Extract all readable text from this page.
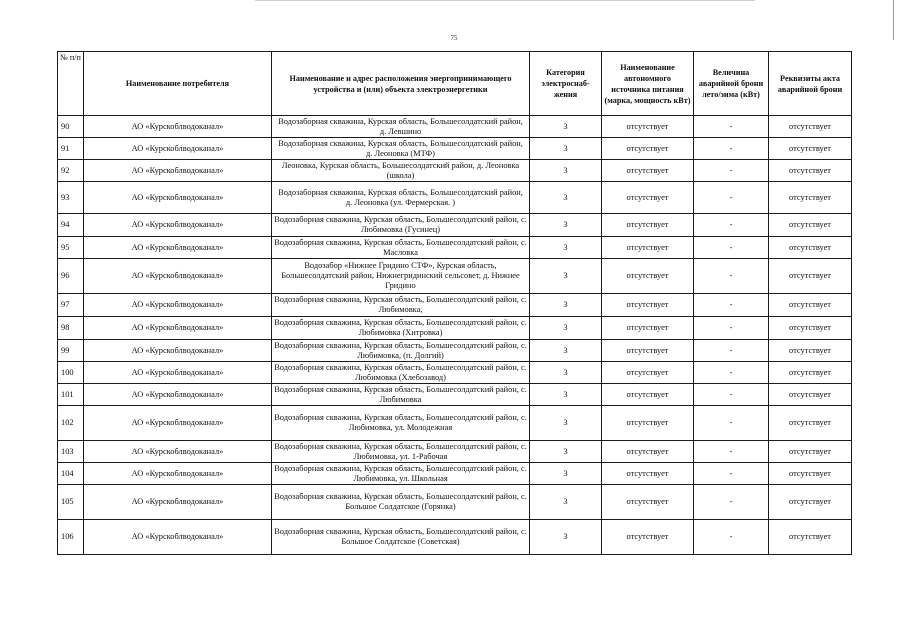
75
№ п/п	Наименование потребителя	Наименование и адрес расположения энергопринимающего устройства и (или) объекта электроэнергетики	Категория электроснаб-жения	Наименование автономного источника питания (марка, мощность кВт)	Величина аварийной брони лето/зима (кВт)	Реквизиты акта аварийной брони
90	АО «Курскоблводоканал»	Водозаборная скважина, Курская область, Большесолдатский район, д. Левшино	3	отсутствует	-	отсутствует
91	АО «Курскоблводоканал»	Водозаборная скважина, Курская область, Большесолдатский район, д. Леоновка (МТФ)	3	отсутствует	-	отсутствует
92	АО «Курскоблводоканал»	Леоновка, Курская область, Большесолдатский район, д. Леоновка (школа)	3	отсутствует	-	отсутствует
93	АО «Курскоблводоканал»	Водозаборная скважина, Курская область, Большесолдатский район, д. Леоновка (ул. Фермерская. )	3	отсутствует	-	отсутствует
94	АО «Курскоблводоканал»	Водозаборная скважина, Курская область, Большесолдатский район, с. Любимовка (Гусинец)	3	отсутствует	-	отсутствует
95	АО «Курскоблводоканал»	Водозаборная скважина, Курская область, Большесолдатский район, с. Масловка	3	отсутствует	-	отсутствует
96	АО «Курскоблводоканал»	Водозабор «Нижнее Гридино СТФ», Курская область, Большесолдатский район, Нижнегридинский сельсовет, д. Нижнее Гридино	3	отсутствует	-	отсутствует
97	АО «Курскоблводоканал»	Водозаборная скважина, Курская область, Большесолдатский район, с. Любимовка,	3	отсутствует	-	отсутствует
98	АО «Курскоблводоканал»	Водозаборная скважина, Курская область, Большесолдатский район, с. Любимовка (Хитровка)	3	отсутствует	-	отсутствует
99	АО «Курскоблводоканал»	Водозаборная скважина, Курская область, Большесолдатский район, с. Любимовка, (п. Долгий)	3	отсутствует	-	отсутствует
100	АО «Курскоблводоканал»	Водозаборная скважина, Курская область, Большесолдатский район, с. Любимовка (Хлебозавод)	3	отсутствует	-	отсутствует
101	АО «Курскоблводоканал»	Водозаборная скважина, Курская область, Большесолдатский район, с. Любимовка	3	отсутствует	-	отсутствует
102	АО «Курскоблводоканал»	Водозаборная скважина, Курская область, Большесолдатский район, с. Любимовка, ул. Молодежная	3	отсутствует	-	отсутствует
103	АО «Курскоблводоканал»	Водозаборная скважина, Курская область, Большесолдатский район, с. Любимовка, ул. 1-Рабочая	3	отсутствует	-	отсутствует
104	АО «Курскоблводоканал»	Водозаборная скважина, Курская область, Большесолдатский район, с. Любимовка, ул. Школьная	3	отсутствует	-	отсутствует
105	АО «Курскоблводоканал»	Водозаборная скважина, Курская область, Большесолдатский район, с. Большое Солдатское (Горянка)	3	отсутствует	-	отсутствует
106	АО «Курскоблводоканал»	Водозаборная скважина, Курская область, Большесолдатский район, с. Большое Солдатское (Советская)	3	отсутствует	-	отсутствует
